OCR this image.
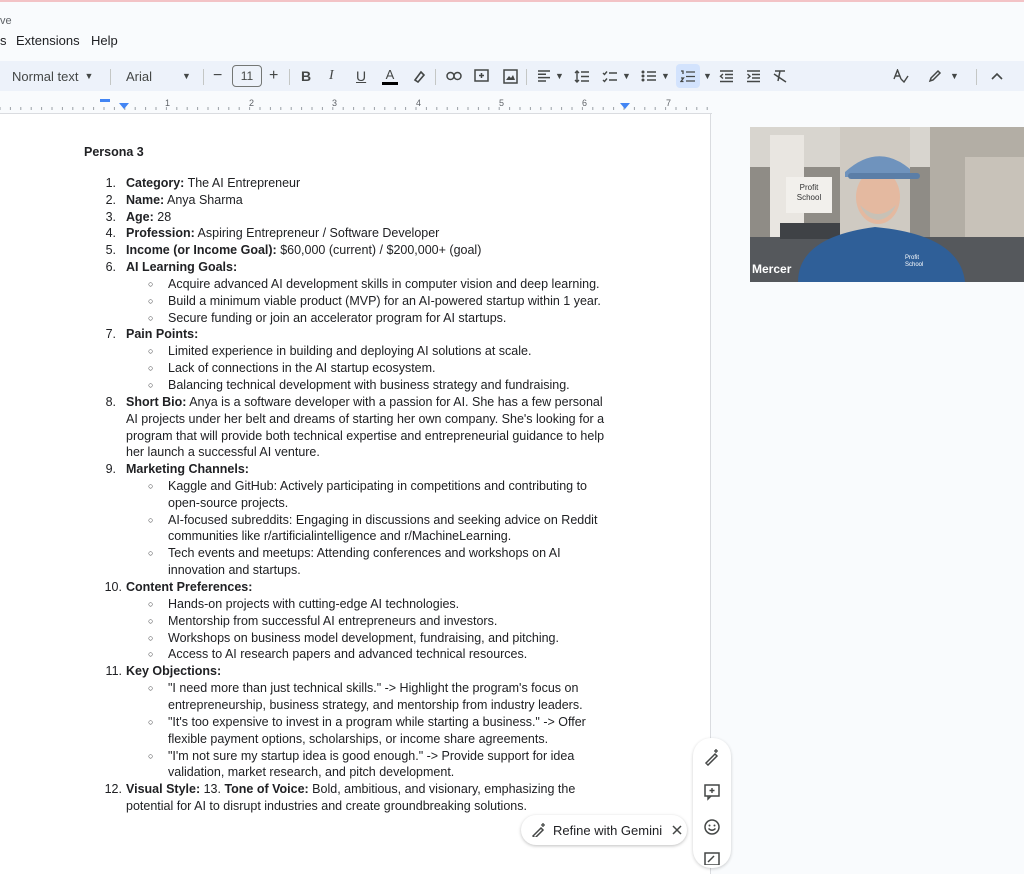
ve
s Extensions Help
Normal text ▼	Arial	▼ −	11 + B I U A	▼	▼	▼	▼	▼
1	2	3	4	5	6	7
Persona 3
1. Category: The AI Entrepreneur
2. Name: Anya Sharma
3. Age: 28
4. Profession: Aspiring Entrepreneur / Software Developer
5. Income (or Income Goal): $60,000 (current) / $200,000+ (goal)
6. AI Learning Goals:
○ Acquire advanced AI development skills in computer vision and deep learning.
○ Build a minimum viable product (MVP) for an AI-powered startup within 1 year.
○ Secure funding or join an accelerator program for AI startups.
7. Pain Points:
○ Limited experience in building and deploying AI solutions at scale.
○ Lack of connections in the AI startup ecosystem.
○ Balancing technical development with business strategy and fundraising.
8. Short Bio: Anya is a software developer with a passion for AI. She has a few personal
AI projects under her belt and dreams of starting her own company. She's looking for a
program that will provide both technical expertise and entrepreneurial guidance to help
her launch a successful AI venture.
9. Marketing Channels:
○ Kaggle and GitHub: Actively participating in competitions and contributing to
open-source projects.
○ AI-focused subreddits: Engaging in discussions and seeking advice on Reddit
communities like r/artificialintelligence and r/MachineLearning.
○ Tech events and meetups: Attending conferences and workshops on AI
innovation and startups.
10. Content Preferences:
○ Hands-on projects with cutting-edge AI technologies.
○ Mentorship from successful AI entrepreneurs and investors.
○ Workshops on business model development, fundraising, and pitching.
○ Access to AI research papers and advanced technical resources.
11. Key Objections:
○ "I need more than just technical skills." -> Highlight the program's focus on
entrepreneurship, business strategy, and mentorship from industry leaders.
○ "It's too expensive to invest in a program while starting a business." -> Offer
flexible payment options, scholarships, or income share agreements.
○ "I'm not sure my startup idea is good enough." -> Provide support for idea
validation, market research, and pitch development.
12. Visual Style: 13. Tone of Voice: Bold, ambitious, and visionary, emphasizing the
potential for AI to disrupt industries and create groundbreaking solutions.
Profit
School
Profit
School
Mercer
Refine with Gemini
